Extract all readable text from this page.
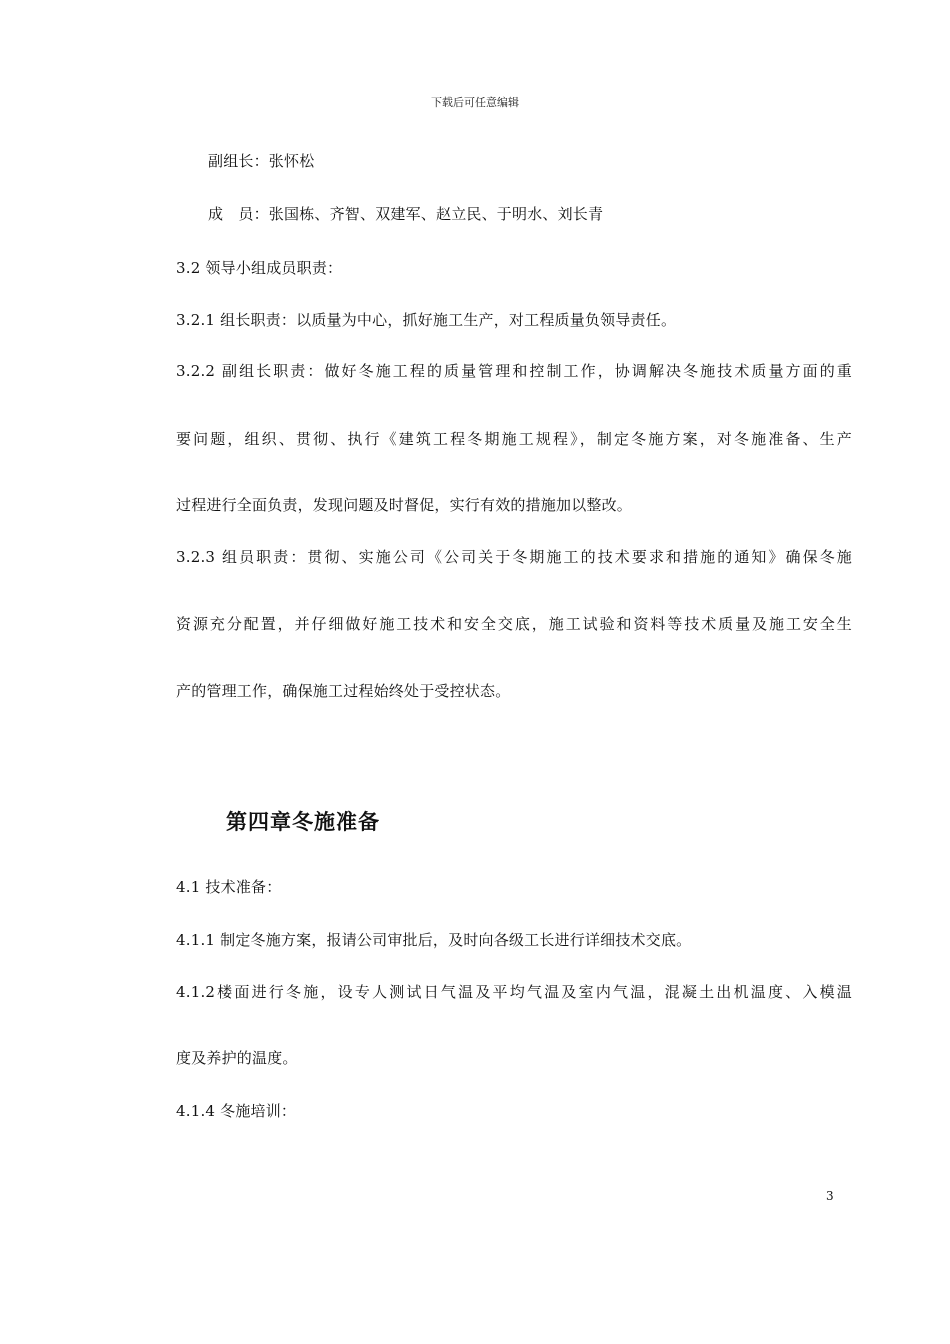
下载后可任意编辑
副组长：张怀松
成　员：张国栋、齐智、双建军、赵立民、于明水、刘长青
3.2 领导小组成员职责：
3.2.1 组长职责：以质量为中心，抓好施工生产，对工程质量负领导责任。
3.2.2 副组长职责：做好冬施工程的质量管理和控制工作，协调解决冬施技术质量方面的重
要问题，组织、贯彻、执行《建筑工程冬期施工规程》，制定冬施方案，对冬施准备、生产
过程进行全面负责，发现问题及时督促，实行有效的措施加以整改。
3.2.3 组员职责：贯彻、实施公司《公司关于冬期施工的技术要求和措施的通知》确保冬施
资源充分配置，并仔细做好施工技术和安全交底，施工试验和资料等技术质量及施工安全生
产的管理工作，确保施工过程始终处于受控状态。
第四章冬施准备
4.1 技术准备：
4.1.1 制定冬施方案，报请公司审批后，及时向各级工长进行详细技术交底。
4.1.2楼面进行冬施，设专人测试日气温及平均气温及室内气温，混凝土出机温度、入模温
度及养护的温度。
4.1.4 冬施培训：
3
